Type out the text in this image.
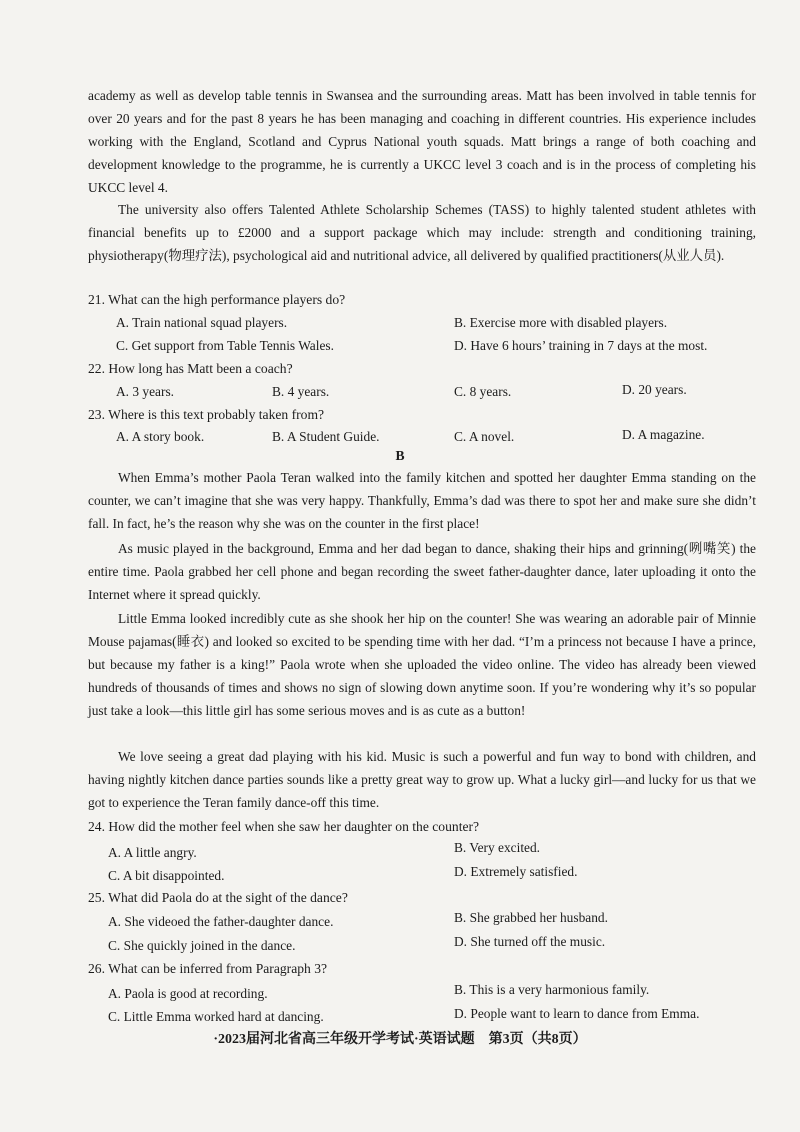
academy as well as develop table tennis in Swansea and the surrounding areas. Matt has been involved in table tennis for over 20 years and for the past 8 years he has been managing and coaching in different countries. His experience includes working with the England, Scotland and Cyprus National youth squads. Matt brings a range of both coaching and development knowledge to the programme, he is currently a UKCC level 3 coach and is in the process of completing his UKCC level 4.

The university also offers Talented Athlete Scholarship Schemes (TASS) to highly talented student athletes with financial benefits up to £2000 and a support package which may include: strength and conditioning training, physiotherapy(物理疗法), psychological aid and nutritional advice, all delivered by qualified practitioners(从业人员).

21. What can the high performance players do?

A. Train national squad players.	B. Exercise more with disabled players.

C. Get support from Table Tennis Wales.	D. Have 6 hours’ training in 7 days at the most.

22. How long has Matt been a coach?

A. 3 years.	B. 4 years.	C. 8 years.	D. 20 years.

23. Where is this text probably taken from?

A. A story book.	B. A Student Guide.	C. A novel.	D. A magazine.

B

When Emma’s mother Paola Teran walked into the family kitchen and spotted her daughter Emma standing on the counter, we can’t imagine that she was very happy. Thankfully, Emma’s dad was there to spot her and make sure she didn’t fall. In fact, he’s the reason why she was on the counter in the first place!

As music played in the background, Emma and her dad began to dance, shaking their hips and grinning(咧嘴笑) the entire time. Paola grabbed her cell phone and began recording the sweet father-daughter dance, later uploading it onto the Internet where it spread quickly.

Little Emma looked incredibly cute as she shook her hip on the counter! She was wearing an adorable pair of Minnie Mouse pajamas(睡衣) and looked so excited to be spending time with her dad. “I’m a princess not because I have a prince, but because my father is a king!” Paola wrote when she uploaded the video online. The video has already been viewed hundreds of thousands of times and shows no sign of slowing down anytime soon. If you’re wondering why it’s so popular just take a look—this little girl has some serious moves and is as cute as a button!

We love seeing a great dad playing with his kid. Music is such a powerful and fun way to bond with children, and having nightly kitchen dance parties sounds like a pretty great way to grow up. What a lucky girl—and lucky for us that we got to experience the Teran family dance-off this time.

24. How did the mother feel when she saw her daughter on the counter?

A. A little angry.	B. Very excited.

C. A bit disappointed.	D. Extremely satisfied.

25. What did Paola do at the sight of the dance?

A. She videoed the father-daughter dance.	B. She grabbed her husband.

C. She quickly joined in the dance.	D. She turned off the music.

26. What can be inferred from Paragraph 3?

A. Paola is good at recording.	B. This is a very harmonious family.

C. Little Emma worked hard at dancing.	D. People want to learn to dance from Emma.

·2023届河北省高三年级开学考试·英语试题　第3页（共8页）
